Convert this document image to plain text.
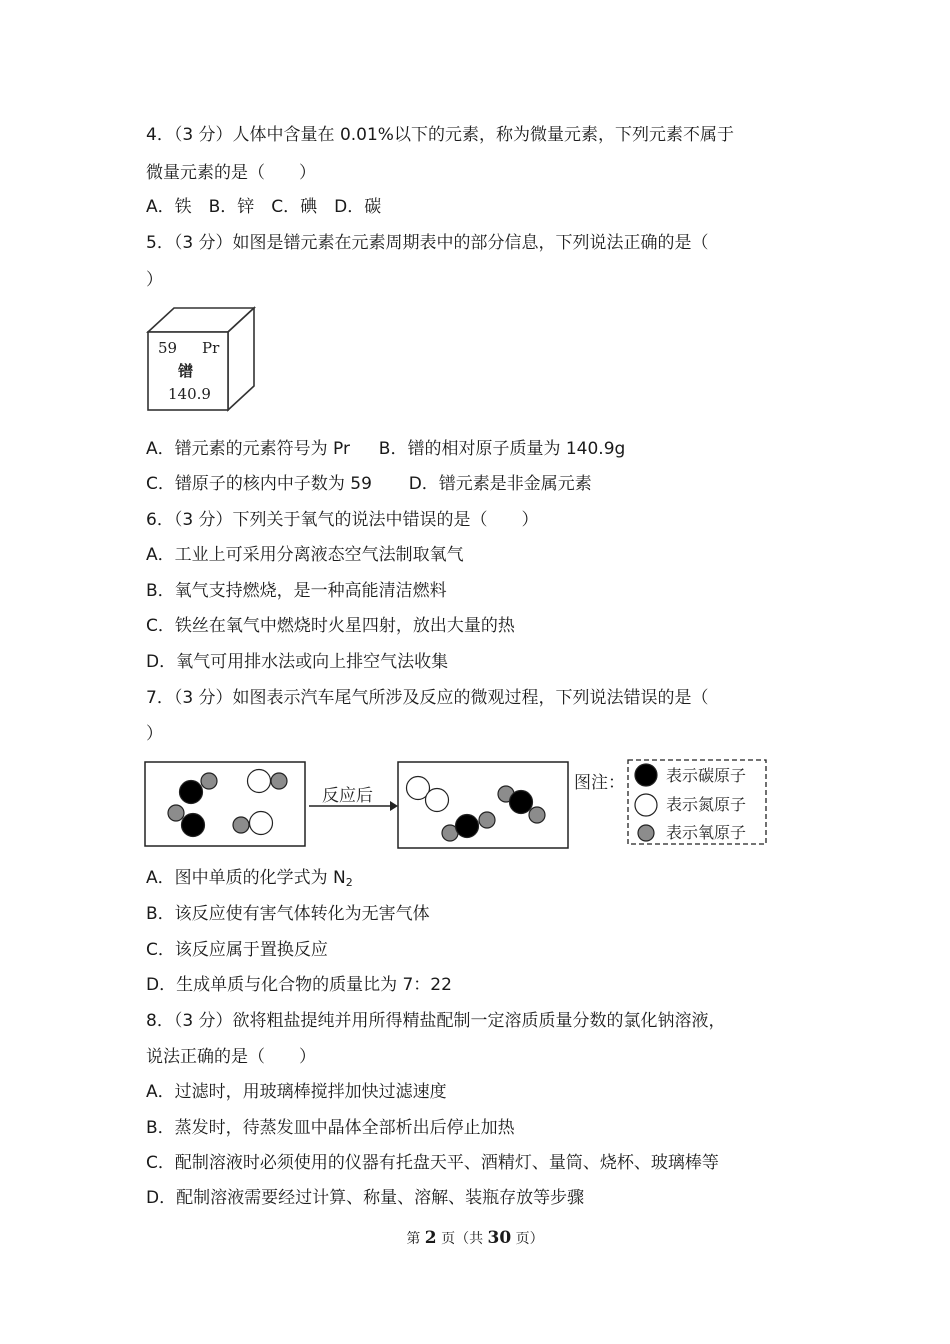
4．（3 分）人体中含量在 0.01%以下的元素，称为微量元素，下列元素不属于
微量元素的是（　　）
A．铁　B．锌　C．碘　D．碳
5．（3 分）如图是镨元素在元素周期表中的部分信息，下列说法正确的是（
）
59 Pr
镨
140.9
A．镨元素的元素符号为 Pr B．镨的相对原子质量为 140.9g
C．镨原子的核内中子数为 59 D．镨元素是非金属元素
6．（3 分）下列关于氧气的说法中错误的是（　　）
A．工业上可采用分离液态空气法制取氧气
B．氧气支持燃烧，是一种高能清洁燃料
C．铁丝在氧气中燃烧时火星四射，放出大量的热
D．氧气可用排水法或向上排空气法收集
7．（3 分）如图表示汽车尾气所涉及反应的微观过程，下列说法错误的是（
）
反应后
图注：	表示碳原子
表示氮原子
表示氧原子
A．图中单质的化学式为 $N_2$
B．该反应使有害气体转化为无害气体
C．该反应属于置换反应
D．生成单质与化合物的质量比为 7：22
8．（3 分）欲将粗盐提纯并用所得精盐配制一定溶质质量分数的氯化钠溶液，
说法正确的是（　　）
A．过滤时，用玻璃棒搅拌加快过滤速度
B．蒸发时，待蒸发皿中晶体全部析出后停止加热
C．配制溶液时必须使用的仪器有托盘天平、酒精灯、量筒、烧杯、玻璃棒等
D．配制溶液需要经过计算、称量、溶解、装瓶存放等步骤
第 2 页（共 30 页）
